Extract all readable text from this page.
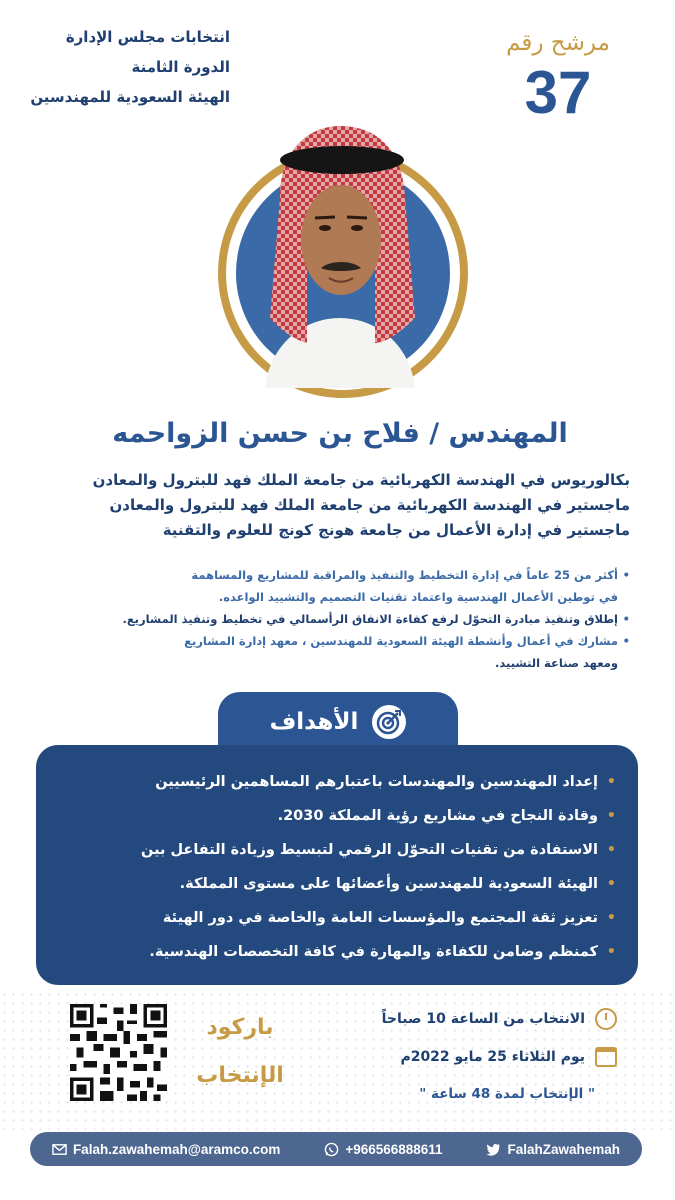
مرشح رقم
37
انتخابات مجلس الإدارة
الدورة الثامنة
الهيئة السعودية للمهندسين
المهندس / فلاح بن حسن الزواحمه
بكالوريوس في الهندسة الكهربائية من جامعة الملك فهد للبترول والمعادن
ماجستير في الهندسة الكهربائية من جامعة الملك فهد للبترول والمعادن
ماجستير في إدارة الأعمال من جامعة هونج كونج للعلوم والتقنية
• أكثر من 25 عاماً في إدارة التخطيط والتنفيذ والمراقبة للمشاريع والمساهمة
في توطين الأعمال الهندسية واعتماد تقنيات التصميم والتشييد الواعده.
• إطلاق وتنفيذ مبادرة التحوّل لرفع كفاءة الانفاق الرأسمالي في تخطيط وتنفيذ المشاريع.
• مشارك في أعمال وأنشطة الهيئة السعودية للمهندسين ، معهد إدارة المشاريع
ومعهد صناعة التشييد.
الأهداف
• إعداد المهندسين والمهندسات باعتبارهم المساهمين الرئيسيين
• وقادة النجاح في مشاريع رؤية المملكة 2030.
• الاستفادة من تقنيات التحوّل الرقمي لتبسيط وزيادة التفاعل بين
• الهيئة السعودية للمهندسين وأعضائها على مستوى المملكة.
• تعزيز ثقة المجتمع والمؤسسات العامة والخاصة في دور الهيئة
• كمنظم وضامن للكفاءة والمهارة في كافة التخصصات الهندسية.
باركود
الإنتخاب
الانتخاب من الساعة 10 صباحاً
يوم الثلاثاء 25 مايو 2022م
" الإنتخاب لمدة 48 ساعة "
Falah.zawahemah@aramco.com	+966566888611	FalahZawahemah
